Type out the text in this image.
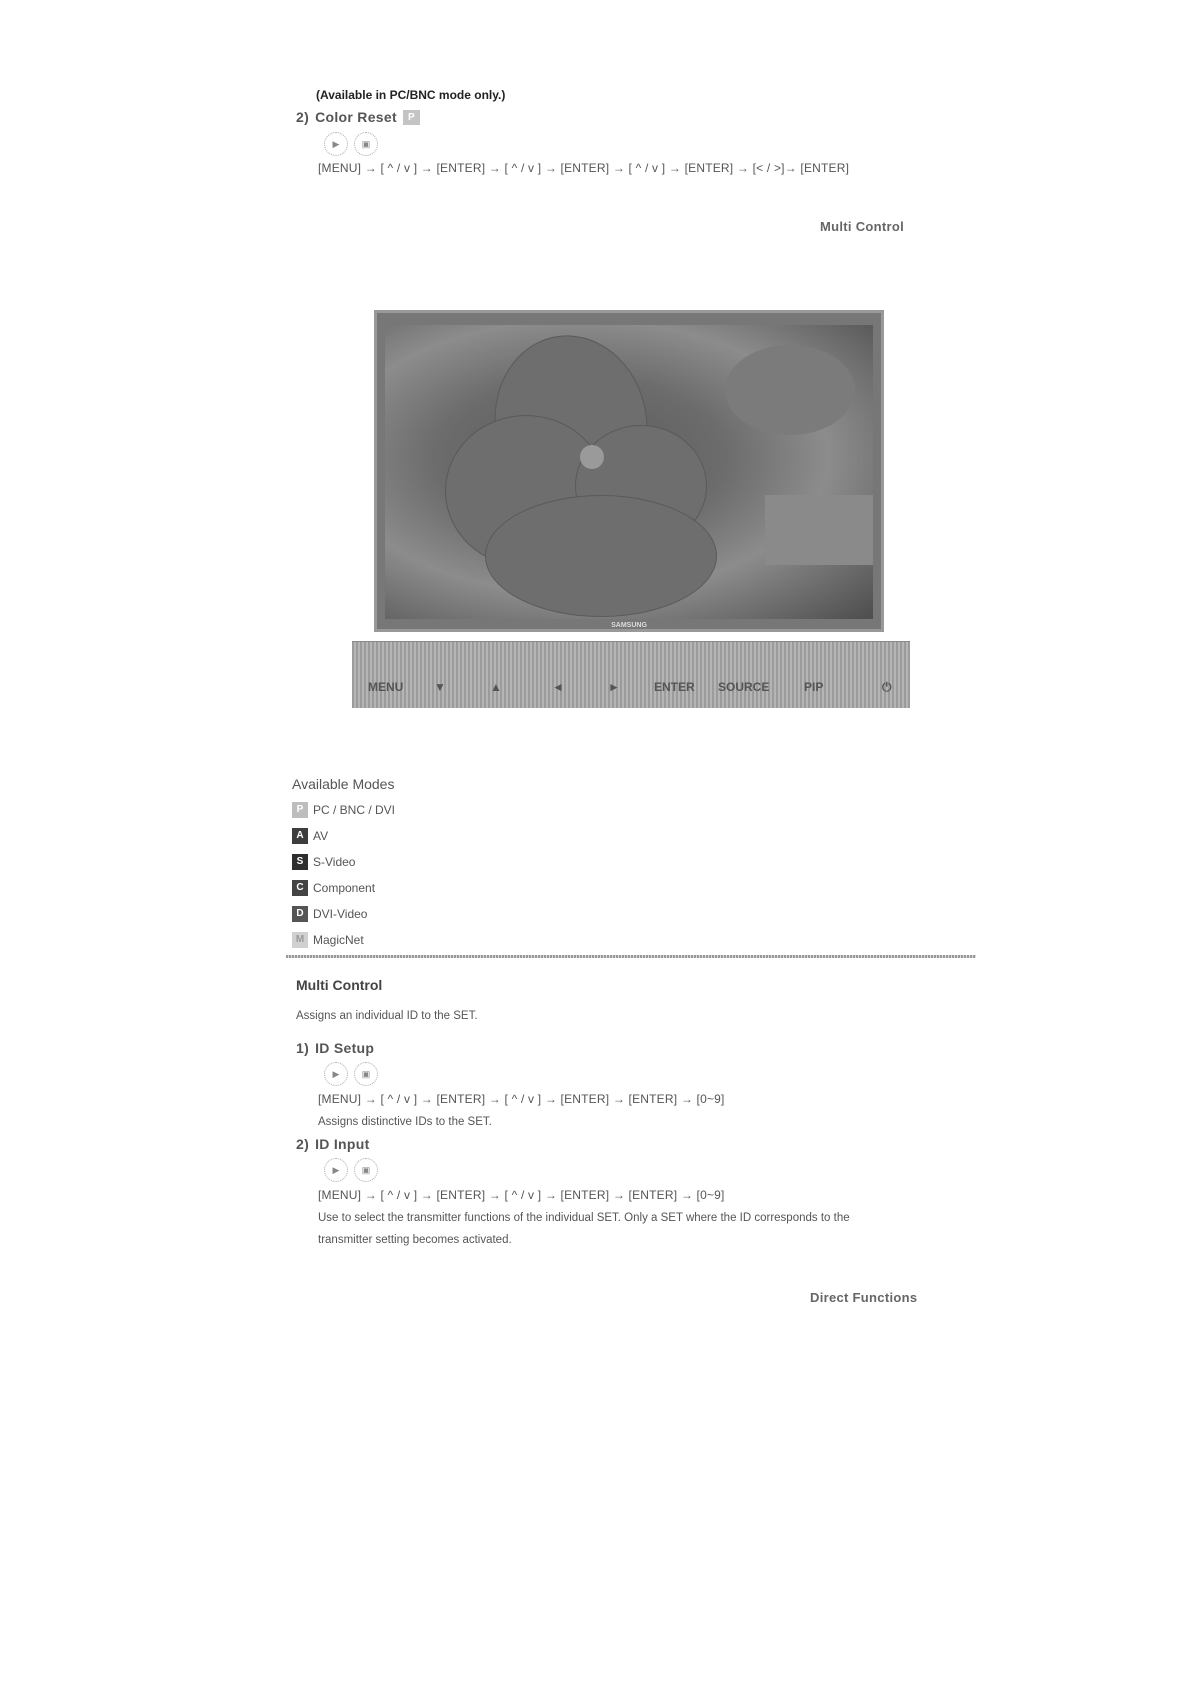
(Available in PC/BNC mode only.)
2) Color Reset	P
▶	▣
[MENU] → [ ^ / v ] → [ENTER] → [ ^ / v ] → [ENTER] → [ ^ / v ] → [ENTER] → [< / >]→ [ENTER]
Multi Control
SAMSUNG
MENU	▼	▲	◄	►	ENTER SOURCE	PIP	⏻
Available Modes
P PC / BNC / DVI
A AV
S S-Video
C Component
D DVI-Video
M MagicNet
Multi Control
Assigns an individual ID to the SET.
1) ID Setup
▶	▣
[MENU] → [ ^ / v ] → [ENTER] → [ ^ / v ] → [ENTER] → [ENTER] → [0~9]
Assigns distinctive IDs to the SET.
2) ID Input
▶	▣
[MENU] → [ ^ / v ] → [ENTER] → [ ^ / v ] → [ENTER] → [ENTER] → [0~9]
Use to select the transmitter functions of the individual SET. Only a SET where the ID corresponds to the
transmitter setting becomes activated.
Direct Functions
